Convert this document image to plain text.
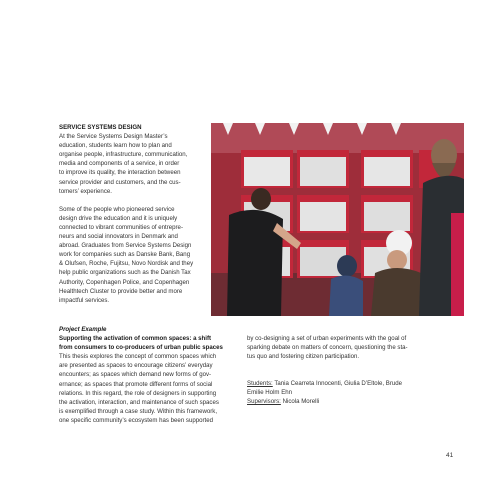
SERVICE SYSTEMS DESIGN
At the Service Systems Design Master’s
education, students learn how to plan and
organise people, infrastructure, communication,
media and components of a service, in order
to improve its quality, the interaction between
service provider and customers, and the cus-
tomers’ experience.
Some of the people who pioneered service
design drive the education and it is uniquely
connected to vibrant communities of entrepre-
neurs and social innovators in Denmark and
abroad. Graduates from Service Systems Design
work for companies such as Danske Bank, Bang
& Olufsen, Roche, Fujitsu, Novo Nordisk and they
help public organizations such as the Danish Tax
Authority, Copenhagen Police, and Copenhagen
Healthtech Cluster to provide better and more
impactful services.
Project Example
Supporting the activation of common spaces: a shift
from consumers to co-producers of urban public spaces
This thesis explores the concept of common spaces which
are presented as spaces to encourage citizens’ everyday
encounters; as spaces which demand new forms of gov-
ernance; as spaces that promote different forms of social
relations. In this regard, the role of designers in supporting
the activation, interaction, and maintenance of such spaces
is exemplified through a case study. Within this framework,
one specific community’s ecosystem has been supported
by co-designing a set of urban experiments with the goal of
sparking debate on matters of concern, questioning the sta-
tus quo and fostering citizen participation.
Students: Tania Cearreta Innocenti, Giulia D’Eltole, Brude
Emilie Holm Ehn
Supervisors: Nicola Morelli
41
